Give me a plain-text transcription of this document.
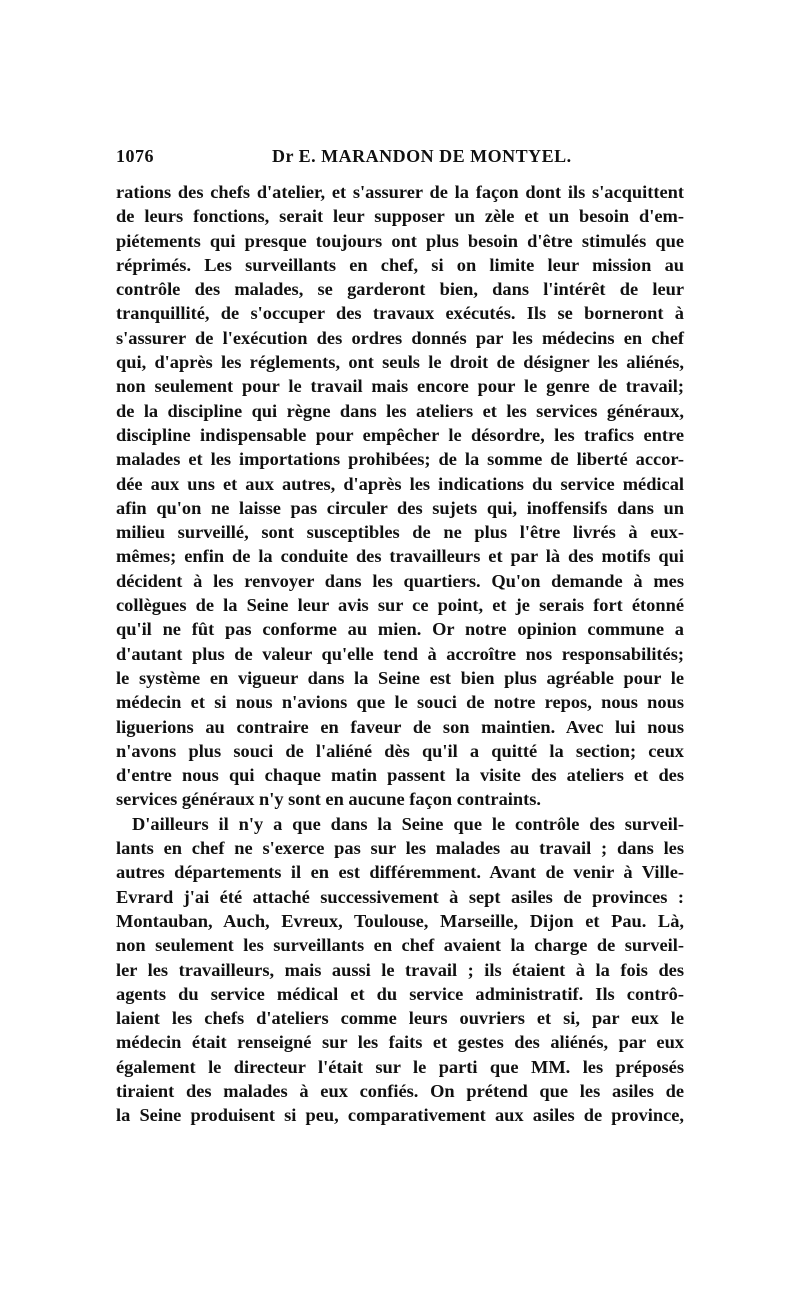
1076	Dr E. MARANDON DE MONTYEL.
rations des chefs d'atelier, et s'assurer de la façon dont ils s'acquittent
de leurs fonctions, serait leur supposer un zèle et un besoin d'em-
piétements qui presque toujours ont plus besoin d'être stimulés que
réprimés. Les surveillants en chef, si on limite leur mission au
contrôle des malades, se garderont bien, dans l'intérêt de leur
tranquillité, de s'occuper des travaux exécutés. Ils se borneront à
s'assurer de l'exécution des ordres donnés par les médecins en chef
qui, d'après les réglements, ont seuls le droit de désigner les aliénés,
non seulement pour le travail mais encore pour le genre de travail;
de la discipline qui règne dans les ateliers et les services généraux,
discipline indispensable pour empêcher le désordre, les trafics entre
malades et les importations prohibées; de la somme de liberté accor-
dée aux uns et aux autres, d'après les indications du service médical
afin qu'on ne laisse pas circuler des sujets qui, inoffensifs dans un
milieu surveillé, sont susceptibles de ne plus l'être livrés à eux-
mêmes; enfin de la conduite des travailleurs et par là des motifs qui
décident à les renvoyer dans les quartiers. Qu'on demande à mes
collègues de la Seine leur avis sur ce point, et je serais fort étonné
qu'il ne fût pas conforme au mien. Or notre opinion commune a
d'autant plus de valeur qu'elle tend à accroître nos responsabilités;
le système en vigueur dans la Seine est bien plus agréable pour le
médecin et si nous n'avions que le souci de notre repos, nous nous
liguerions au contraire en faveur de son maintien. Avec lui nous
n'avons plus souci de l'aliéné dès qu'il a quitté la section; ceux
d'entre nous qui chaque matin passent la visite des ateliers et des
services généraux n'y sont en aucune façon contraints.
D'ailleurs il n'y a que dans la Seine que le contrôle des surveil-
lants en chef ne s'exerce pas sur les malades au travail ; dans les
autres départements il en est différemment. Avant de venir à Ville-
Evrard j'ai été attaché successivement à sept asiles de provinces :
Montauban, Auch, Evreux, Toulouse, Marseille, Dijon et Pau. Là,
non seulement les surveillants en chef avaient la charge de surveil-
ler les travailleurs, mais aussi le travail ; ils étaient à la fois des
agents du service médical et du service administratif. Ils contrô-
laient les chefs d'ateliers comme leurs ouvriers et si, par eux le
médecin était renseigné sur les faits et gestes des aliénés, par eux
également le directeur l'était sur le parti que MM. les préposés
tiraient des malades à eux confiés. On prétend que les asiles de
la Seine produisent si peu, comparativement aux asiles de province,
